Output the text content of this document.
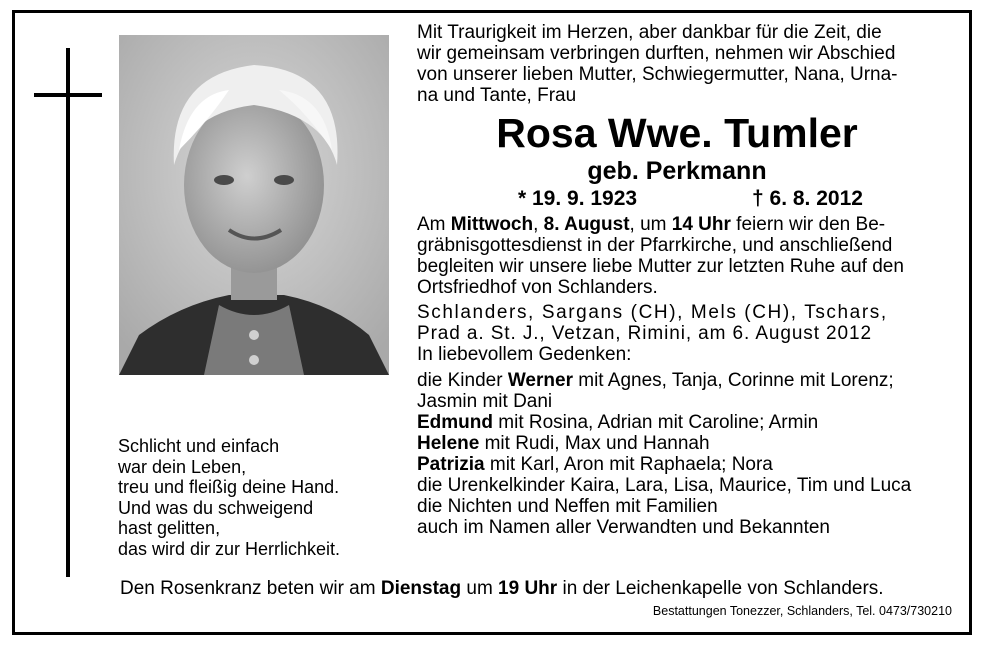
Mit Traurigkeit im Herzen, aber dankbar für die Zeit, die
wir gemeinsam verbringen durften, nehmen wir Abschied
von unserer lieben Mutter, Schwiegermutter, Nana, Urna-
na und Tante, Frau
Rosa Wwe. Tumler
geb. Perkmann
* 19. 9. 1923	† 6. 8. 2012
Am Mittwoch, 8. August, um 14 Uhr feiern wir den Be-
gräbnisgottesdienst in der Pfarrkirche, und anschließend
begleiten wir unsere liebe Mutter zur letzten Ruhe auf den
Ortsfriedhof von Schlanders.
Schlanders, Sargans (CH), Mels (CH), Tschars,
Prad a. St. J., Vetzan, Rimini, am 6. August 2012
In liebevollem Gedenken:
die Kinder Werner mit Agnes, Tanja, Corinne mit Lorenz;
Jasmin mit Dani
Edmund mit Rosina, Adrian mit Caroline; Armin
Helene mit Rudi, Max und Hannah
Patrizia mit Karl, Aron mit Raphaela; Nora
die Urenkelkinder Kaira, Lara, Lisa, Maurice, Tim und Luca
die Nichten und Neffen mit Familien
auch im Namen aller Verwandten und Bekannten
Schlicht und einfach
war dein Leben,
treu und fleißig deine Hand.
Und was du schweigend
hast gelitten,
das wird dir zur Herrlichkeit.
Den Rosenkranz beten wir am Dienstag um 19 Uhr in der Leichenkapelle von Schlanders.
Bestattungen Tonezzer, Schlanders, Tel. 0473/730210
